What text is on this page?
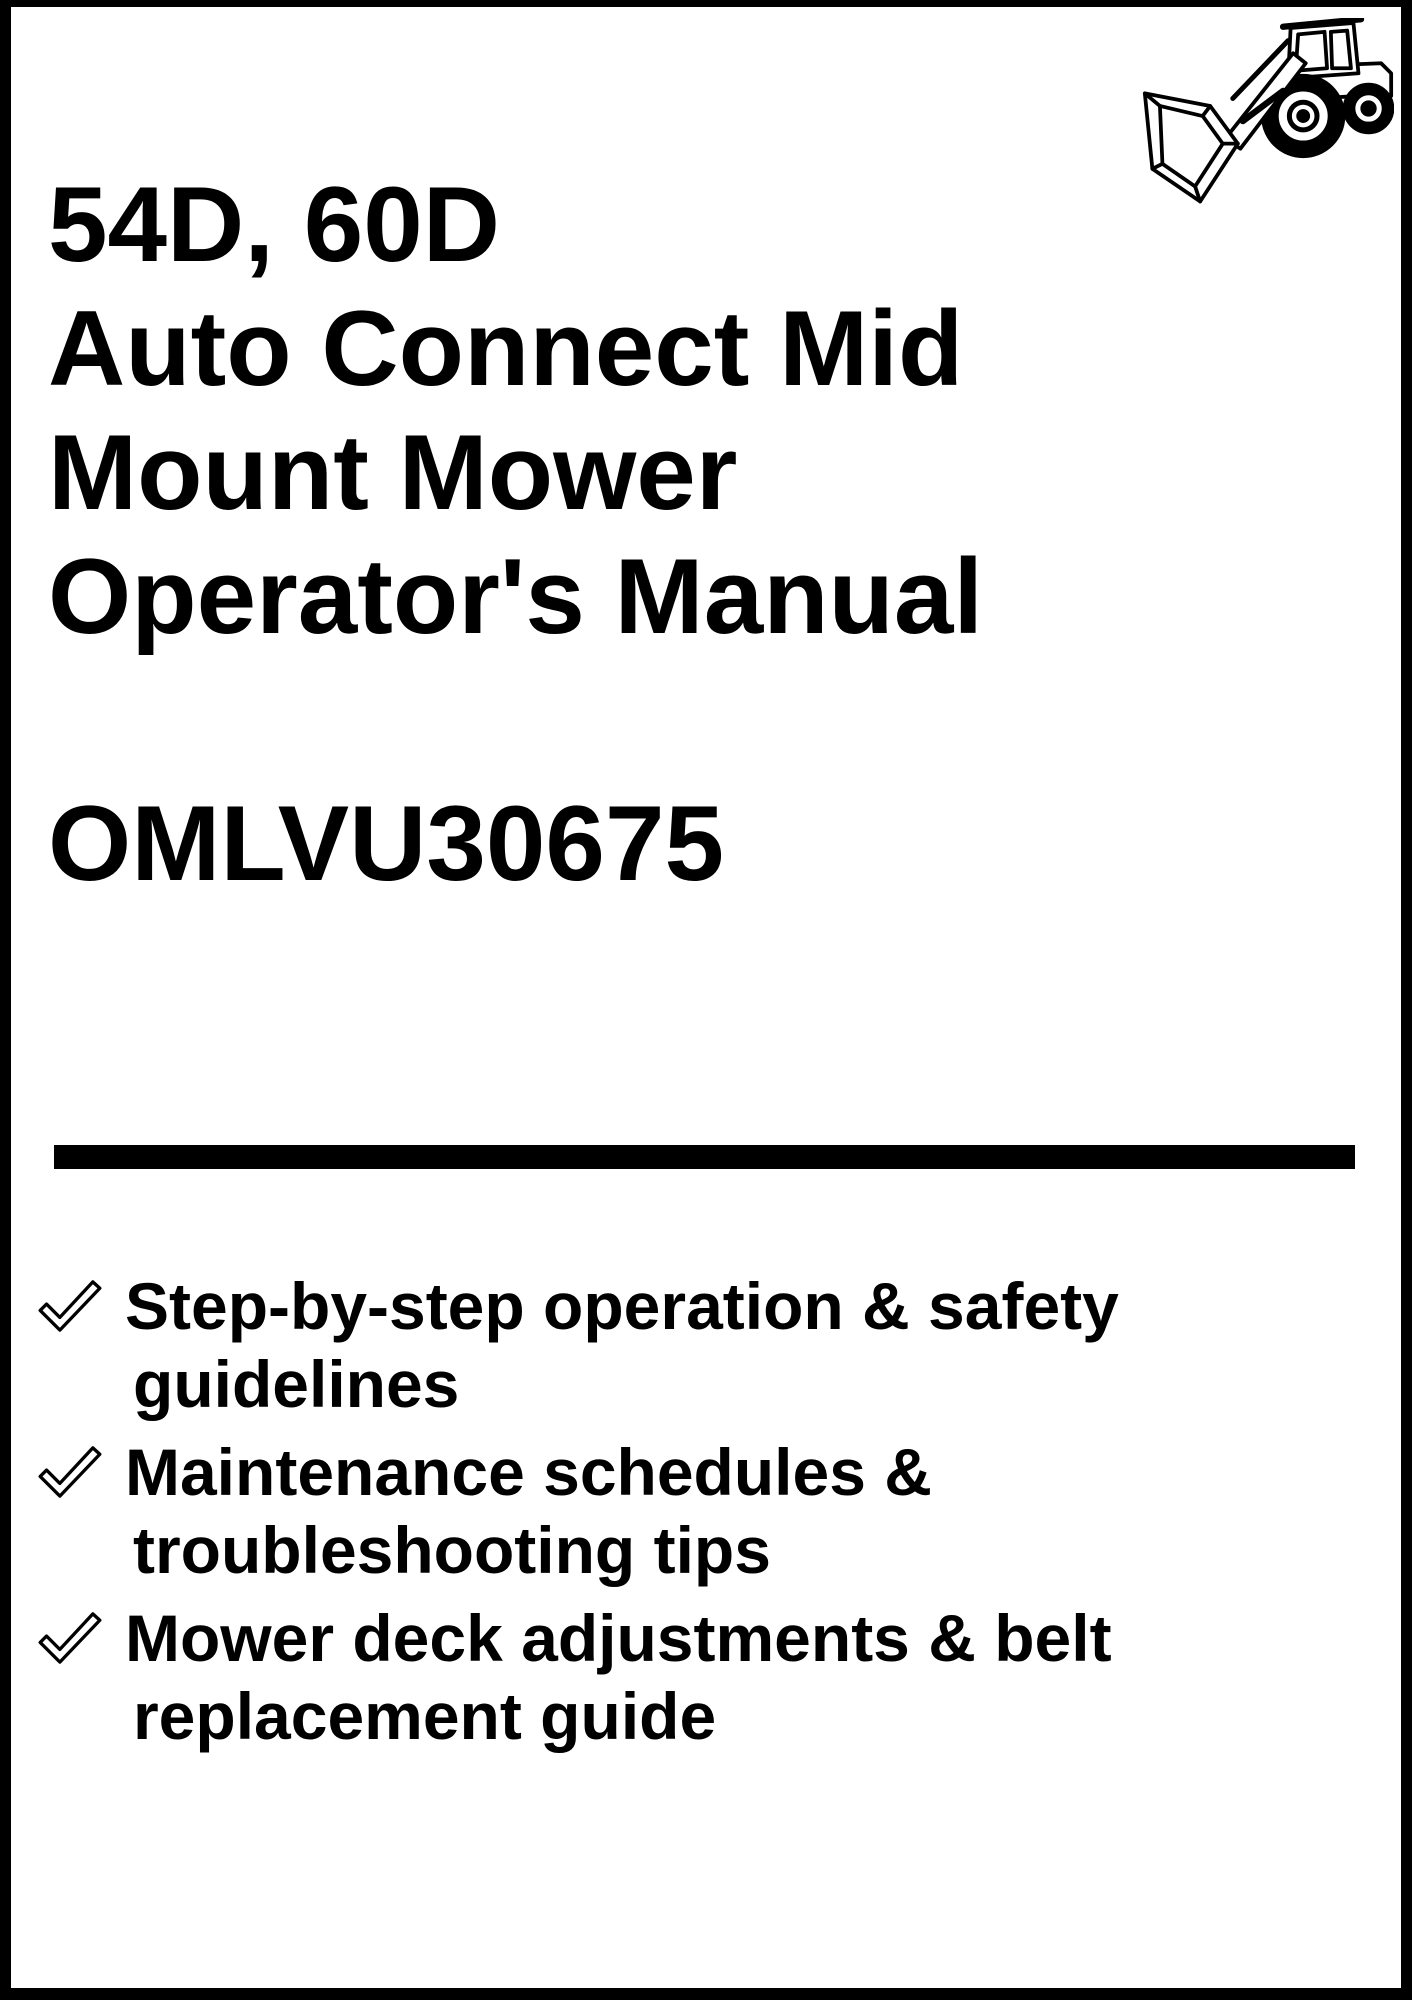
54D, 60D
Auto Connect Mid
Mount Mower
Operator's Manual
OMLVU30675
Step-by-step operation & safety guidelines
Maintenance schedules & troubleshooting tips
Mower deck adjustments & belt replacement guide
